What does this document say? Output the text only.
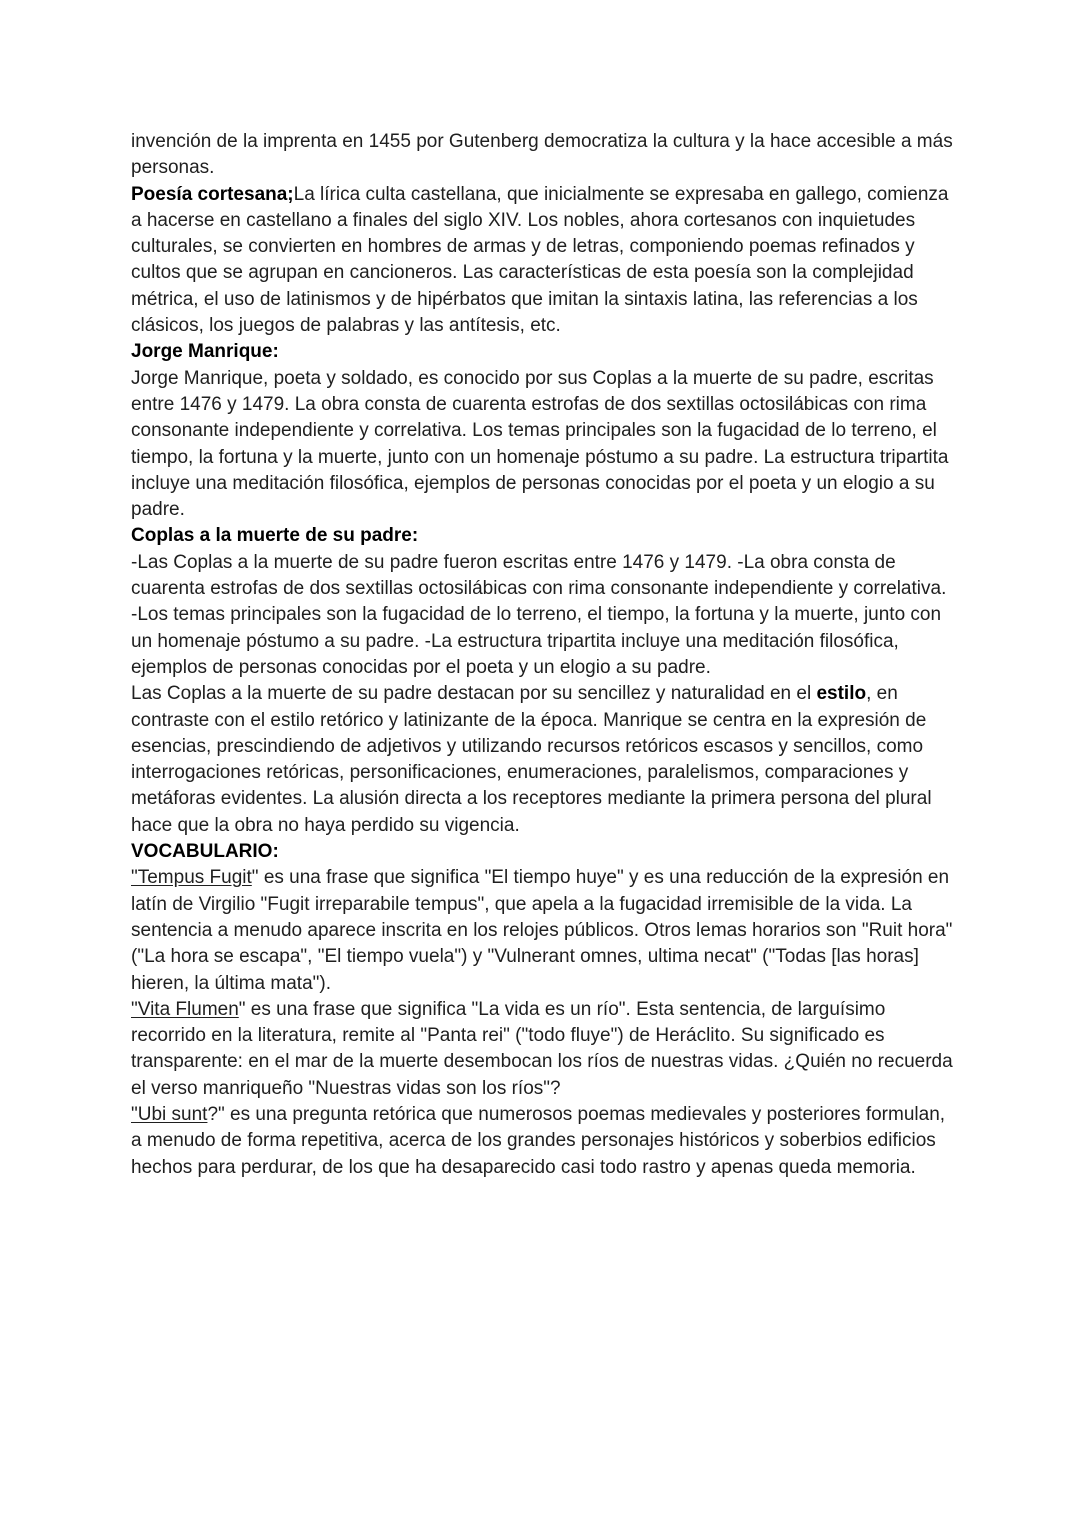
invención de la imprenta en 1455 por Gutenberg democratiza la cultura y la hace accesible a más personas.

Poesía cortesana;La lírica culta castellana, que inicialmente se expresaba en gallego, comienza a hacerse en castellano a finales del siglo XIV. Los nobles, ahora cortesanos con inquietudes culturales, se convierten en hombres de armas y de letras, componiendo poemas refinados y cultos que se agrupan en cancioneros. Las características de esta poesía son la complejidad métrica, el uso de latinismos y de hipérbatos que imitan la sintaxis latina, las referencias a los clásicos, los juegos de palabras y las antítesis, etc.

Jorge Manrique:

Jorge Manrique, poeta y soldado, es conocido por sus Coplas a la muerte de su padre, escritas entre 1476 y 1479. La obra consta de cuarenta estrofas de dos sextillas octosilábicas con rima consonante independiente y correlativa. Los temas principales son la fugacidad de lo terreno, el tiempo, la fortuna y la muerte, junto con un homenaje póstumo a su padre. La estructura tripartita incluye una meditación filosófica, ejemplos de personas conocidas por el poeta y un elogio a su padre.

Coplas a la muerte de su padre:

-Las Coplas a la muerte de su padre fueron escritas entre 1476 y 1479. -La obra consta de cuarenta estrofas de dos sextillas octosilábicas con rima consonante independiente y correlativa. -Los temas principales son la fugacidad de lo terreno, el tiempo, la fortuna y la muerte, junto con un homenaje póstumo a su padre. -La estructura tripartita incluye una meditación filosófica, ejemplos de personas conocidas por el poeta y un elogio a su padre.

Las Coplas a la muerte de su padre destacan por su sencillez y naturalidad en el estilo, en contraste con el estilo retórico y latinizante de la época. Manrique se centra en la expresión de esencias, prescindiendo de adjetivos y utilizando recursos retóricos escasos y sencillos, como interrogaciones retóricas, personificaciones, enumeraciones, paralelismos, comparaciones y metáforas evidentes. La alusión directa a los receptores mediante la primera persona del plural hace que la obra no haya perdido su vigencia.

VOCABULARIO:

"Tempus Fugit" es una frase que significa "El tiempo huye" y es una reducción de la expresión en latín de Virgilio "Fugit irreparabile tempus", que apela a la fugacidad irremisible de la vida. La sentencia a menudo aparece inscrita en los relojes públicos. Otros lemas horarios son "Ruit hora" ("La hora se escapa", "El tiempo vuela") y "Vulnerant omnes, ultima necat" ("Todas [las horas] hieren, la última mata").

"Vita Flumen" es una frase que significa "La vida es un río". Esta sentencia, de larguísimo recorrido en la literatura, remite al "Panta rei" ("todo fluye") de Heráclito. Su significado es transparente: en el mar de la muerte desembocan los ríos de nuestras vidas. ¿Quién no recuerda el verso manriqueño "Nuestras vidas son los ríos"?

"Ubi sunt?" es una pregunta retórica que numerosos poemas medievales y posteriores formulan, a menudo de forma repetitiva, acerca de los grandes personajes históricos y soberbios edificios hechos para perdurar, de los que ha desaparecido casi todo rastro y apenas queda memoria.
